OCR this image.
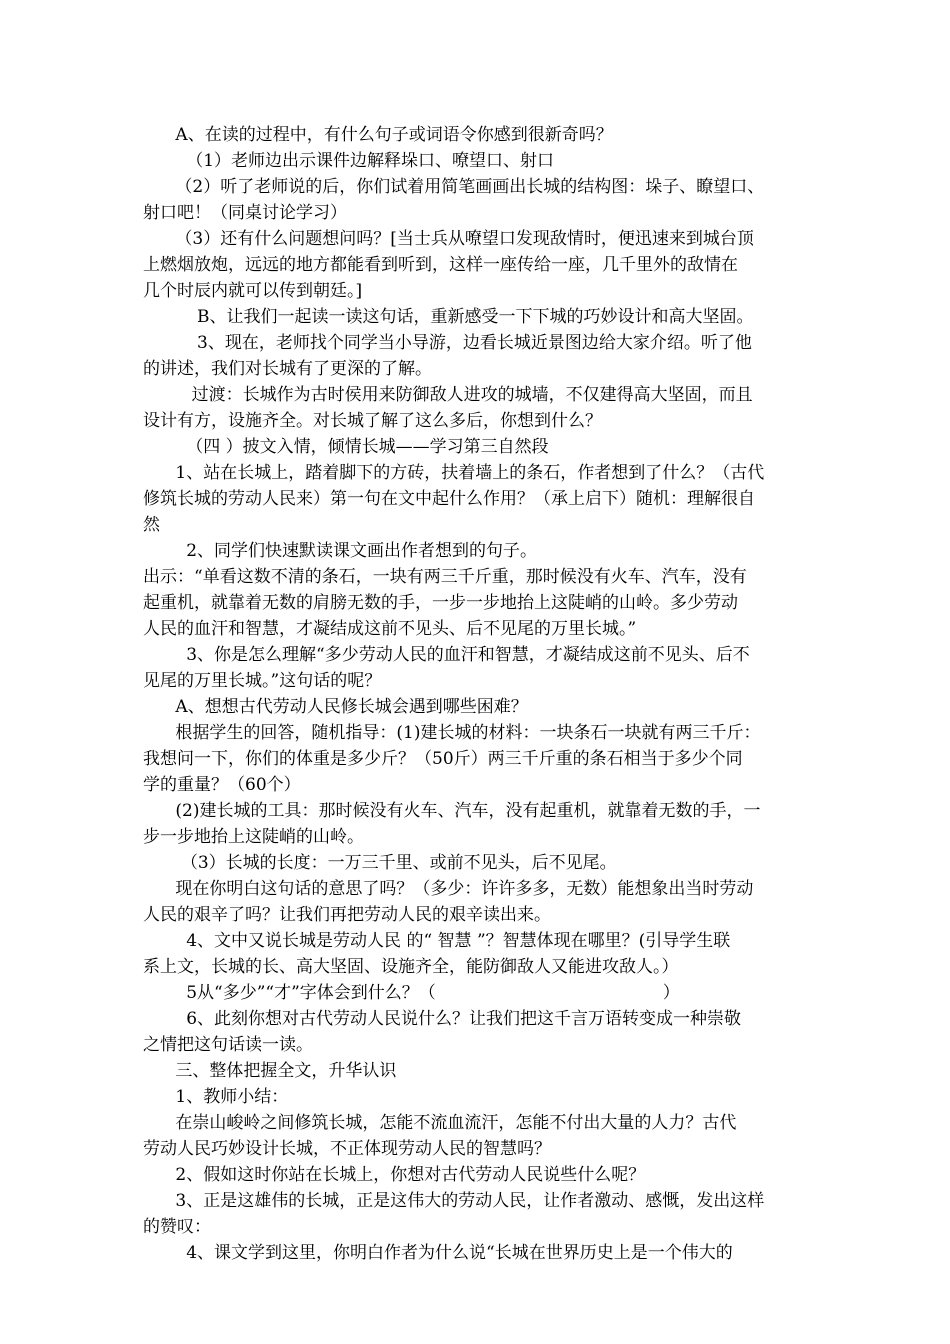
A、在读的过程中，有什么句子或词语令你感到很新奇吗？
（1）老师边出示课件边解释垛口、嘹望口、射口
（2）听了老师说的后，你们试着用简笔画画出长城的结构图：垛子、瞭望口、
射口吧！（同桌讨论学习）
（3）还有什么问题想问吗？[当士兵从嘹望口发现敌情时，便迅速来到城台顶
上燃烟放炮，远远的地方都能看到听到，这样一座传给一座，几千里外的敌情在
几个时辰内就可以传到朝廷。]
B、让我们一起读一读这句话，重新感受一下下城的巧妙设计和高大坚固。
3、现在，老师找个同学当小导游，边看长城近景图边给大家介绍。听了他
的讲述，我们对长城有了更深的了解。
过渡：长城作为古时侯用来防御敌人进攻的城墙，不仅建得高大坚固，而且
设计有方，设施齐全。对长城了解了这么多后，你想到什么？
（四 ）披文入情，倾情长城——学习第三自然段
1、站在长城上，踏着脚下的方砖，扶着墙上的条石，作者想到了什么？（古代
修筑长城的劳动人民来）第一句在文中起什么作用？（承上启下）随机：理解很自
然
2、同学们快速默读课文画出作者想到的句子。
出示：“单看这数不清的条石，一块有两三千斤重，那时候没有火车、汽车，没有
起重机，就靠着无数的肩膀无数的手，一步一步地抬上这陡峭的山岭。多少劳动
人民的血汗和智慧，才凝结成这前不见头、后不见尾的万里长城。”
3、你是怎么理解“多少劳动人民的血汗和智慧，才凝结成这前不见头、后不
见尾的万里长城。”这句话的呢？
A、想想古代劳动人民修长城会遇到哪些困难？
根据学生的回答，随机指导：(1)建长城的材料：一块条石一块就有两三千斤：
我想问一下，你们的体重是多少斤？（50斤）两三千斤重的条石相当于多少个同
学的重量？（60个）
(2)建长城的工具：那时候没有火车、汽车，没有起重机，就靠着无数的手，一
步一步地抬上这陡峭的山岭。
（3）长城的长度：一万三千里、或前不见头，后不见尾。
现在你明白这句话的意思了吗？（多少：许许多多，无数）能想象出当时劳动
人民的艰辛了吗？让我们再把劳动人民的艰辛读出来。
4、文中又说长城是劳动人民 的“ 智慧 ”？智慧体现在哪里？(引导学生联
系上文，长城的长、高大坚固、设施齐全，能防御敌人又能进攻敌人。）
5从“多少”“才”字体会到什么？（                                          ）
6、此刻你想对古代劳动人民说什么？让我们把这千言万语转变成一种崇敬
之情把这句话读一读。
三、整体把握全文，升华认识
1、教师小结：
在崇山峻岭之间修筑长城，怎能不流血流汗，怎能不付出大量的人力？古代
劳动人民巧妙设计长城，不正体现劳动人民的智慧吗？
2、假如这时你站在长城上，你想对古代劳动人民说些什么呢？
3、正是这雄伟的长城，正是这伟大的劳动人民，让作者激动、感慨，发出这样
的赞叹：
4、课文学到这里，你明白作者为什么说“长城在世界历史上是一个伟大的
